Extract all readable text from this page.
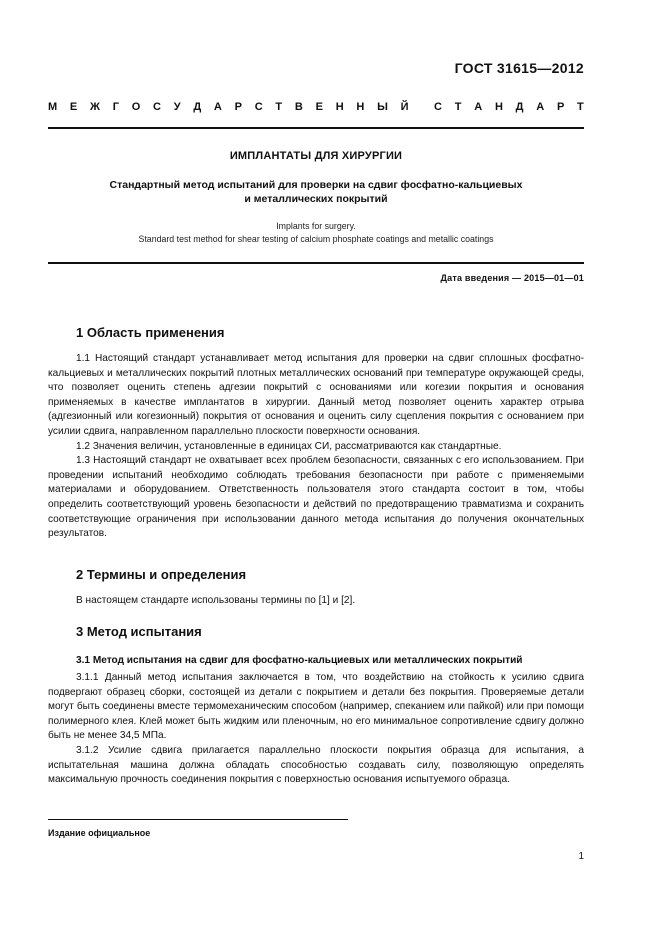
ГОСТ 31615—2012
М Е Ж Г О С У Д А Р С Т В Е Н Н Ы Й С Т А Н Д А Р Т
ИМПЛАНТАТЫ ДЛЯ ХИРУРГИИ
Стандартный метод испытаний для проверки на сдвиг фосфатно-кальциевых
и металлических покрытий
Implants for surgery.
Standard test method for shear testing of calcium phosphate coatings and metallic coatings
Дата введения — 2015—01—01
1 Область применения

1.1 Настоящий стандарт устанавливает метод испытания для проверки на сдвиг сплошных фосфатно-кальциевых и металлических покрытий плотных металлических оснований при температуре окружающей среды, что позволяет оценить степень адгезии покрытий с основаниями или когезии покрытия и основания применяемых в качестве имплантатов в хирургии. Данный метод позволяет оценить характер отрыва (адгезионный или когезионный) покрытия от основания и оценить силу сцепления покрытия с основанием при усилии сдвига, направленном параллельно плоскости поверхности основания.

1.2 Значения величин, установленные в единицах СИ, рассматриваются как стандартные.

1.3 Настоящий стандарт не охватывает всех проблем безопасности, связанных с его использованием. При проведении испытаний необходимо соблюдать требования безопасности при работе с применяемыми материалами и оборудованием. Ответственность пользователя этого стандарта состоит в том, чтобы определить соответствующий уровень безопасности и действий по предотвращению травматизма и сохранить соответствующие ограничения при использовании данного метода испытания до получения окончательных результатов.

2 Термины и определения

В настоящем стандарте использованы термины по [1] и [2].

3 Метод испытания
3.1 Метод испытания на сдвиг для фосфатно-кальциевых или металлических покрытий

3.1.1 Данный метод испытания заключается в том, что воздействию на стойкость к усилию сдвига подвергают образец сборки, состоящей из детали с покрытием и детали без покрытия. Проверяемые детали могут быть соединены вместе термомеханическим способом (например, спеканием или пайкой) или при помощи полимерного клея. Клей может быть жидким или пленочным, но его минимальное сопротивление сдвигу должно быть не менее 34,5 МПа.

3.1.2 Усилие сдвига прилагается параллельно плоскости покрытия образца для испытания, а испытательная машина должна обладать способностью создавать силу, позволяющую определять максимальную прочность соединения покрытия с поверхностью основания испытуемого образца.

Издание официальное
1
